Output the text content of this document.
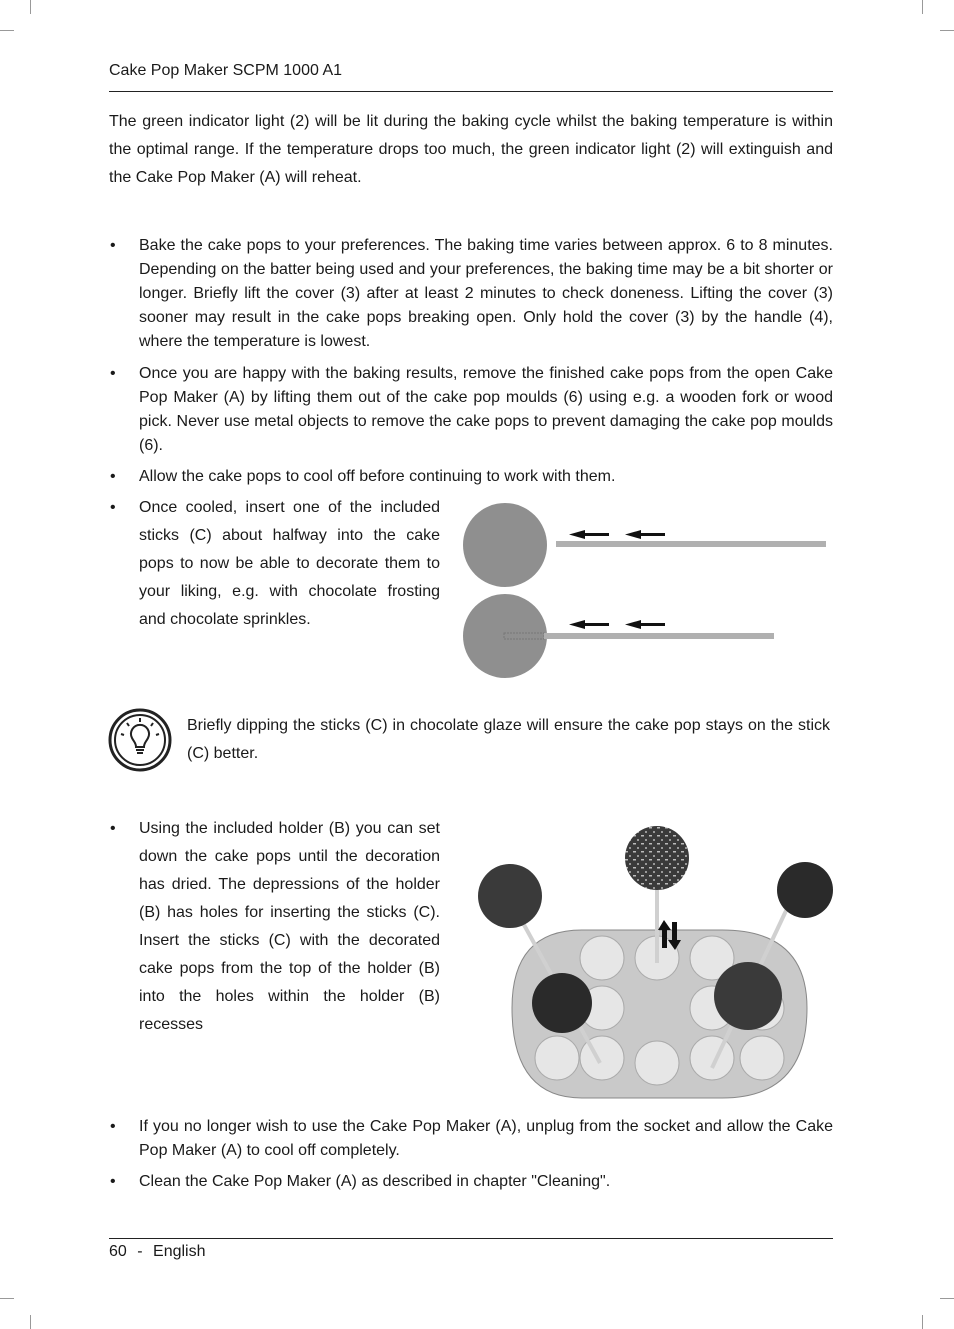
Cake Pop Maker SCPM 1000 A1

The green indicator light (2) will be lit during the baking cycle whilst the baking temperature is within the optimal range. If the temperature drops too much, the green indicator light (2) will extinguish and the Cake Pop Maker (A) will reheat.

• Bake the cake pops to your preferences. The baking time varies between approx. 6 to 8 minutes. Depending on the batter being used and your preferences, the baking time may be a bit shorter or longer. Briefly lift the cover (3) after at least 2 minutes to check doneness. Lifting the cover (3) sooner may result in the cake pops breaking open. Only hold the cover (3) by the handle (4), where the temperature is lowest.

• Once you are happy with the baking results, remove the finished cake pops from the open Cake Pop Maker (A) by lifting them out of the cake pop moulds (6) using e.g. a wooden fork or wood pick. Never use metal objects to remove the cake pops to prevent damaging the cake pop moulds (6).

• Allow the cake pops to cool off before continuing to work with them.

• Once cooled, insert one of the included sticks (C) about halfway into the cake pops to now be able to decorate them to your liking, e.g. with chocolate frosting and chocolate sprinkles.

Briefly dipping the sticks (C) in chocolate glaze will ensure the cake pop stays on the stick (C) better.

• Using the included holder (B) you can set down the cake pops until the decoration has dried. The depressions of the holder (B) has holes for inserting the sticks (C). Insert the sticks (C) with the decorated cake pops from the top of the holder (B) into the holes within the holder (B) recesses

• If you no longer wish to use the Cake Pop Maker (A), unplug from the socket and allow the Cake Pop Maker (A) to cool off completely.

• Clean the Cake Pop Maker (A) as described in chapter "Cleaning".

60 - English
